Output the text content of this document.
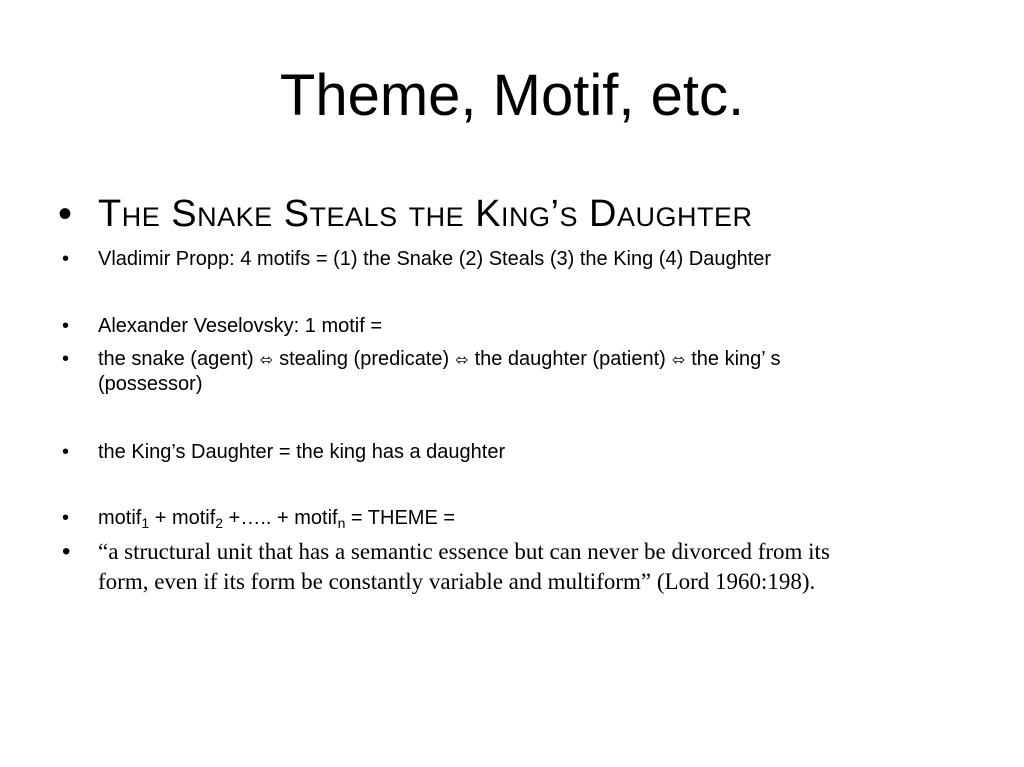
Theme, Motif, etc.
• The Snake Steals the King’s Daughter
• Vladimir Propp: 4 motifs = (1) the Snake (2) Steals (3) the King (4) Daughter
• Alexander Veselovsky: 1 motif =
• the snake (agent) ⬄ stealing (predicate) ⬄ the daughter (patient) ⬄ the king’ s
(possessor)
• the King’s Daughter = the king has a daughter
• motif$_1$ + motif$_2$ +….. + motif$_n$ = THEME =
• “a structural unit that has a semantic essence but can never be divorced from its
form, even if its form be constantly variable and multiform” (Lord 1960:198).
